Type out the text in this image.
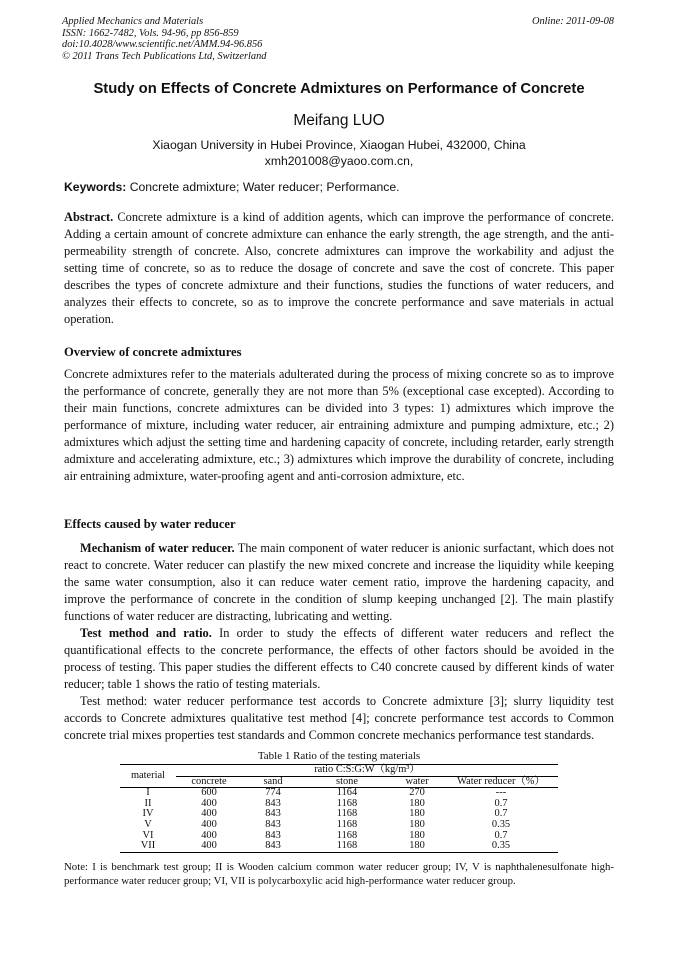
Applied Mechanics and Materials
ISSN: 1662-7482, Vols. 94-96, pp 856-859
doi:10.4028/www.scientific.net/AMM.94-96.856
© 2011 Trans Tech Publications Ltd, Switzerland
Online: 2011-09-08
Study on Effects of Concrete Admixtures on Performance of Concrete
Meifang LUO
Xiaogan University in Hubei Province, Xiaogan Hubei, 432000, China
xmh201008@yaoo.com.cn,
Keywords: Concrete admixture; Water reducer; Performance.
Abstract. Concrete admixture is a kind of addition agents, which can improve the performance of concrete. Adding a certain amount of concrete admixture can enhance the early strength, the age strength, and the anti-permeability strength of concrete. Also, concrete admixtures can improve the workability and adjust the setting time of concrete, so as to reduce the dosage of concrete and save the cost of concrete. This paper describes the types of concrete admixture and their functions, studies the functions of water reducers, and analyzes their effects to concrete, so as to improve the concrete performance and save materials in actual operation.
Overview of concrete admixtures
Concrete admixtures refer to the materials adulterated during the process of mixing concrete so as to improve the performance of concrete, generally they are not more than 5% (exceptional case excepted). According to their main functions, concrete admixtures can be divided into 3 types: 1) admixtures which improve the performance of mixture, including water reducer, air entraining admixture and pumping admixture, etc.; 2) admixtures which adjust the setting time and hardening capacity of concrete, including retarder, early strength admixture and accelerating admixture, etc.; 3) admixtures which improve the durability of concrete, including air entraining admixture, water-proofing agent and anti-corrosion admixture, etc.
Effects caused by water reducer
Mechanism of water reducer. The main component of water reducer is anionic surfactant, which does not react to concrete. Water reducer can plastify the new mixed concrete and increase the liquidity while keeping the same water consumption, also it can reduce water cement ratio, improve the hardening capacity, and improve the performance of concrete in the condition of slump keeping unchanged [2]. The main plastify functions of water reducer are distracting, lubricating and wetting.
Test method and ratio. In order to study the effects of different water reducers and reflect the quantificational effects to the concrete performance, the effects of other factors should be avoided in the process of testing. This paper studies the different effects to C40 concrete caused by different kinds of water reducer; table 1 shows the ratio of testing materials.
Test method: water reducer performance test accords to Concrete admixture [3]; slurry liquidity test accords to Concrete admixtures qualitative test method [4]; concrete performance test accords to Common concrete trial mixes properties test standards and Common concrete mechanics performance test standards.
Table 1 Ratio of the testing materials
material	ratio C:S:G:W（kg/m³）				
	concrete	sand	stone	water	Water reducer（%）
I	600	774	1164	270	---
II	400	843	1168	180	0.7
IV	400	843	1168	180	0.7
V	400	843	1168	180	0.35
VI	400	843	1168	180	0.7
VII	400	843	1168	180	0.35
Note: I is benchmark test group; II is Wooden calcium common water reducer group; IV, V is naphthalenesulfonate high-performance water reducer group; VI, VII is polycarboxylic acid high-performance water reducer group.
